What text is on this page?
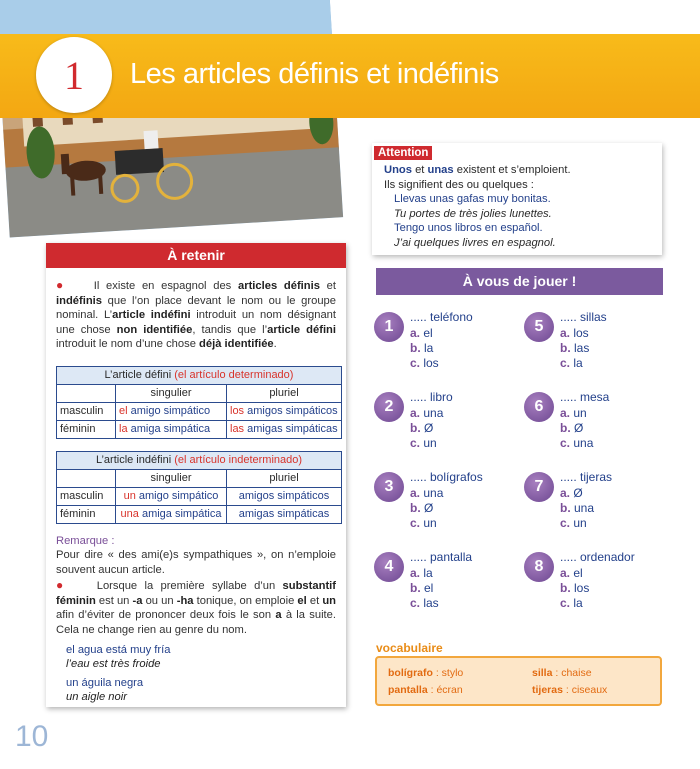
1	Les articles définis et indéfinis
À retenir
● Il existe en espagnol des articles définis et indéfinis que l’on place devant le nom ou le groupe nominal. L’article indéfini introduit un nom désignant une chose non identifiée, tandis que l’article défini introduit le nom d’une chose déjà identifiée.
L’article défini (el artículo determinado)		
	singulier	pluriel
masculin	el amigo simpático	los amigos simpáticos
féminin	la amiga simpática	las amigas simpáticas
L’article indéfini (el artículo indeterminado)		
	singulier	pluriel
masculin	un amigo simpático	amigos simpáticos
féminin	una amiga simpática	amigas simpáticas
Remarque :
Pour dire « des ami(e)s sympathiques », on n’emploie souvent aucun article.
●	Lorsque la première syllabe d’un substantif féminin est un -a ou un -ha tonique, on emploie el et un afin d’éviter de prononcer deux fois le son a à la suite. Cela ne change rien au genre du nom.
el agua está muy fría
l’eau est très froide
un águila negra
un aigle noir
Attention
Unos et unas existent et s’emploient.
Ils signifient des ou quelques :
Llevas unas gafas muy bonitas.
Tu portes de très jolies lunettes.
Tengo unos libros en español.
J’ai quelques livres en espagnol.
À vous de jouer !
1
..... teléfono
a. el
b. la
c. los
5
..... sillas
a. los
b. las
c. la
2
..... libro
a. una
b. Ø
c. un
6
..... mesa
a. un
b. Ø
c. una
3
..... bolígrafos
a. una
b. Ø
c. un
7
..... tijeras
a. Ø
b. una
c. un
4
..... pantalla
a. la
b. el
c. las
8
..... ordenador
a. el
b. los
c. la
vocabulaire
bolígrafo : stylo	silla : chaise
pantalla : écran	tijeras : ciseaux
10
